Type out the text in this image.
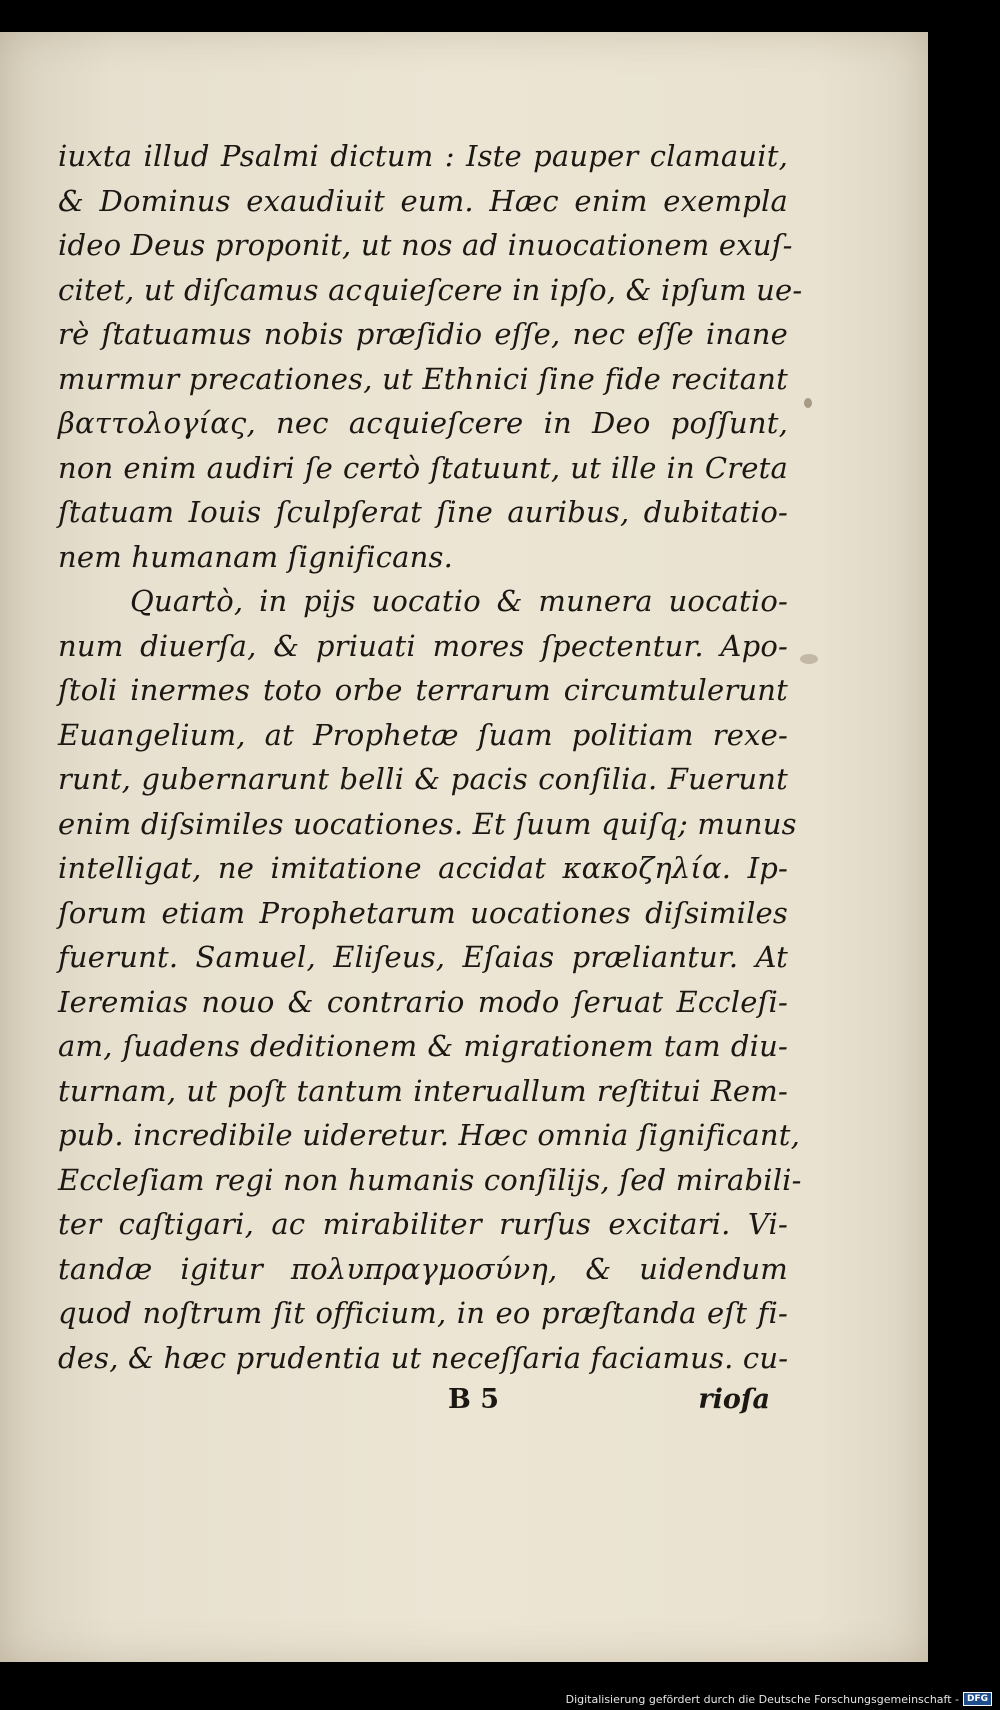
iuxta illud Psalmi dictum : Iste pauper clamauit,
& Dominus exaudiuit eum. Hæc enim exempla
ideo Deus proponit, ut nos ad inuocationem exuſ-
citet, ut diſcamus acquieſcere in ipſo, & ipſum ue-
rè ſtatuamus nobis præſidio eſſe, nec eſſe inane
murmur precationes, ut Ethnici ſine fide recitant
βαττολογίας, nec acquieſcere in Deo poſſunt,
non enim audiri ſe certò ſtatuunt, ut ille in Creta
ſtatuam Iouis ſculpſerat ſine auribus, dubitatio-
nem humanam ſignificans.
Quartò, in pijs uocatio & munera uocatio-
num diuerſa, & priuati mores ſpectentur. Apo-
ſtoli inermes toto orbe terrarum circumtulerunt
Euangelium, at Prophetæ ſuam politiam rexe-
runt, gubernarunt belli & pacis conſilia. Fuerunt
enim diſsimiles uocationes. Et ſuum quiſq; munus
intelligat, ne imitatione accidat κακοζηλία. Ip-
ſorum etiam Prophetarum uocationes diſsimiles
fuerunt. Samuel, Eliſeus, Eſaias præliantur. At
Ieremias nouo & contrario modo ſeruat Eccleſi-
am, ſuadens deditionem & migrationem tam diu-
turnam, ut poſt tantum interuallum reſtitui Rem-
pub. incredibile uideretur. Hæc omnia ſignificant,
Eccleſiam regi non humanis conſilijs, ſed mirabili-
ter caſtigari, ac mirabiliter rurſus excitari. Vi-
tandæ igitur πολυπραγμοσύνη, & uidendum
quod noſtrum ſit officium, in eo præſtanda eſt fi-
des, & hæc prudentia ut neceſſaria faciamus. cu-
B 5	rioſa
Digitalisierung gefördert durch die Deutsche Forschungsgemeinschaft - DFG
